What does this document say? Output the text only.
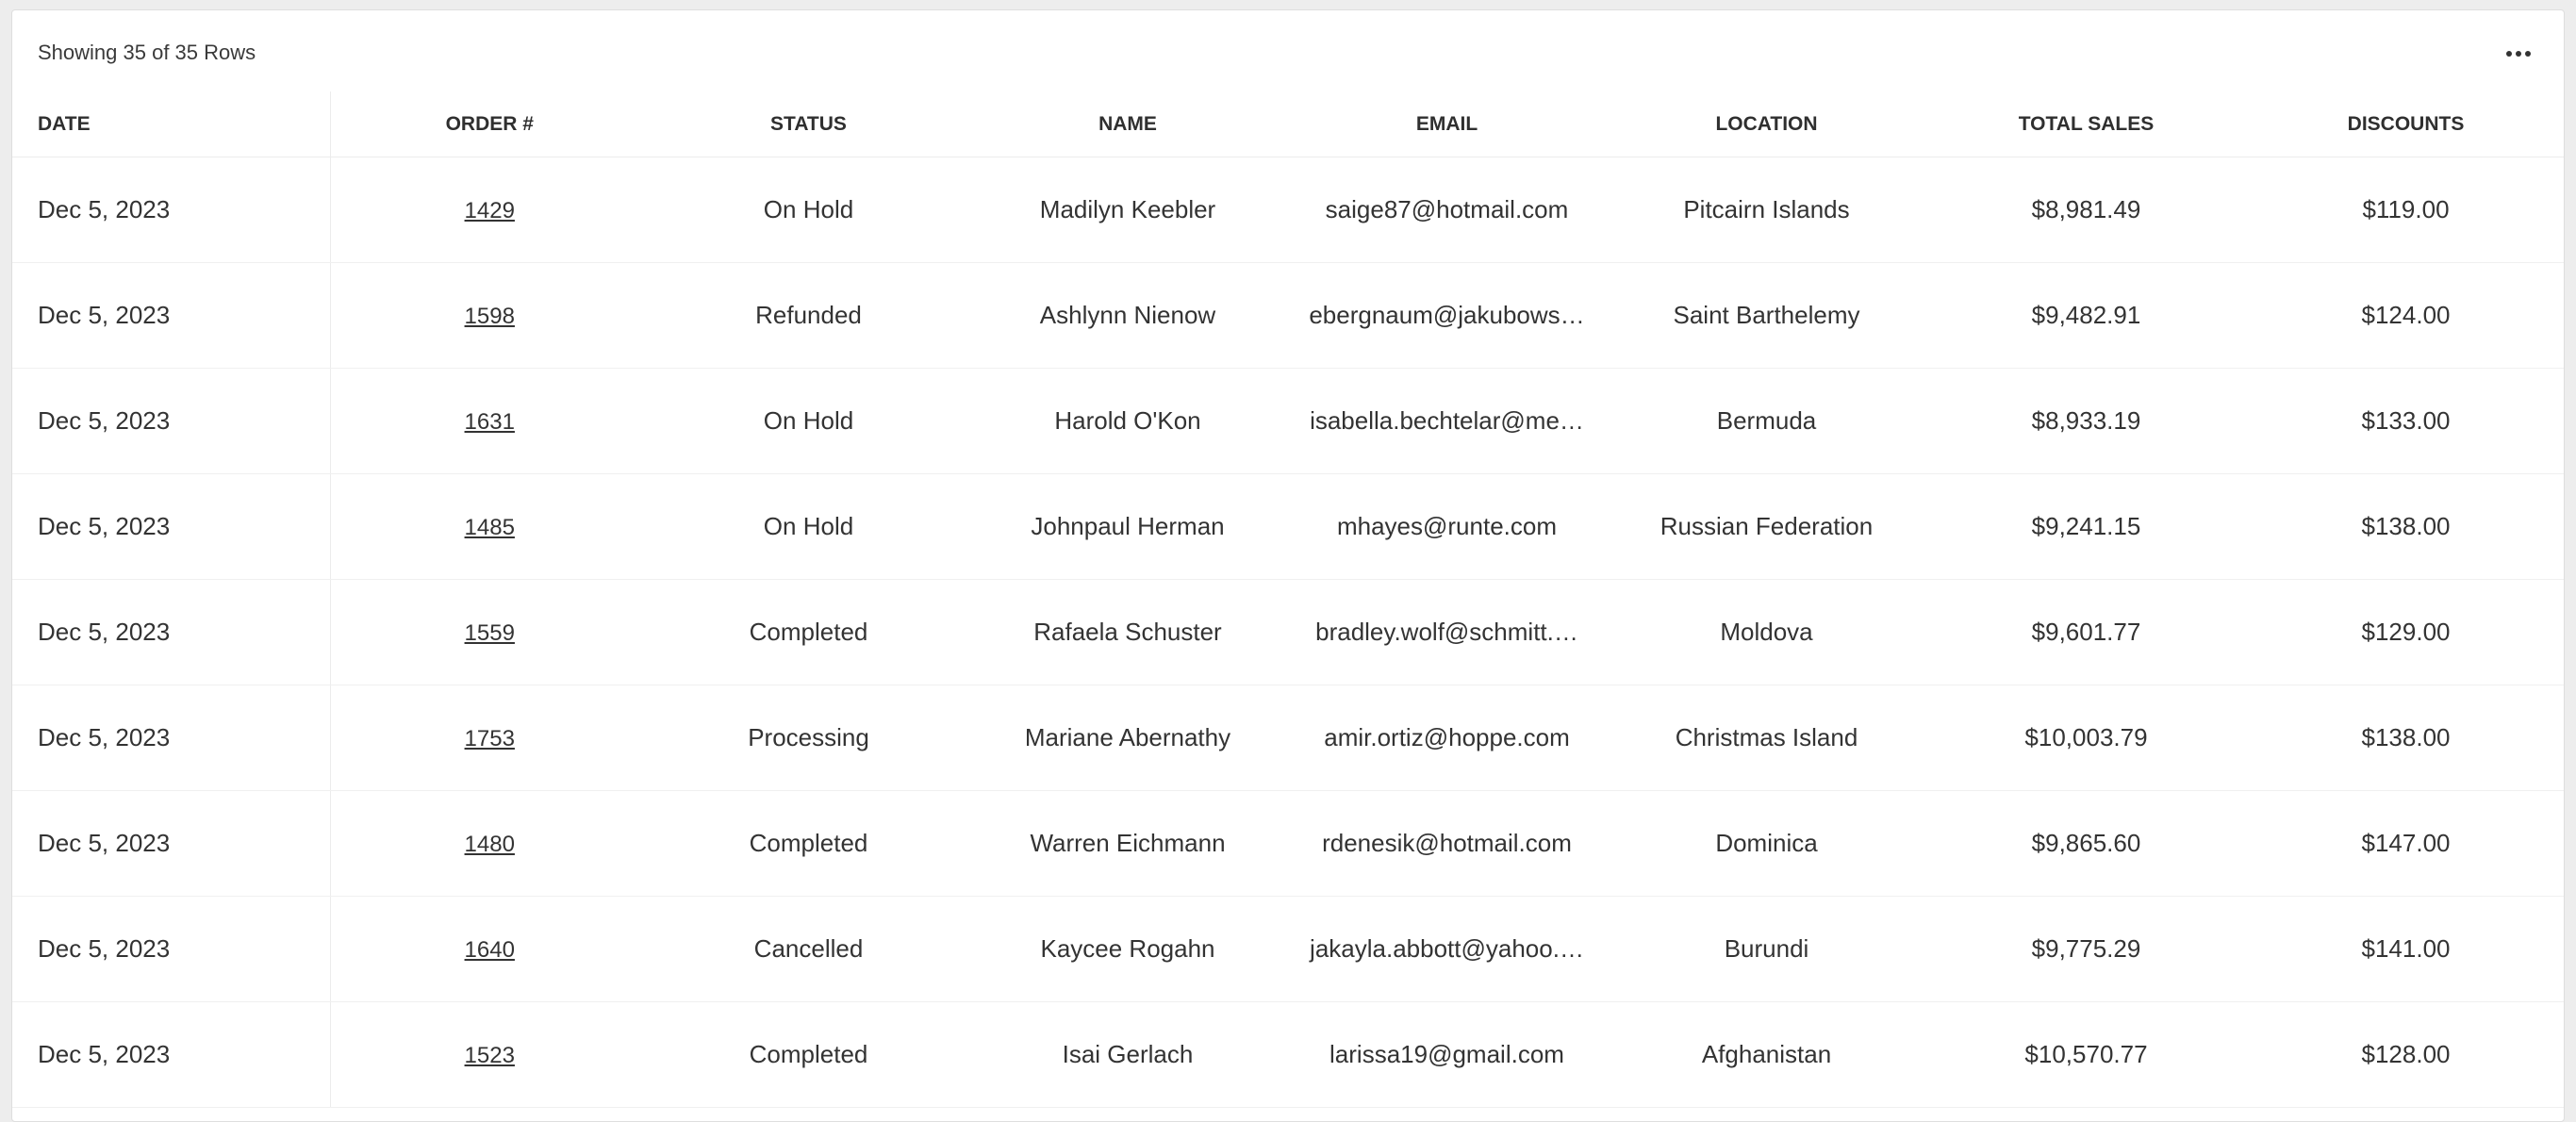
Showing 35 of 35 Rows
DATE	ORDER #	STATUS	NAME	EMAIL	LOCATION	TOTAL SALES	DISCOUNTS
Dec 5, 2023	1429	On Hold	Madilyn Keebler	saige87@hotmail.com	Pitcairn Islands	$8,981.49	$119.00
Dec 5, 2023	1598	Refunded	Ashlynn Nienow	ebergnaum@jakubows…	Saint Barthelemy	$9,482.91	$124.00
Dec 5, 2023	1631	On Hold	Harold O'Kon	isabella.bechtelar@me…	Bermuda	$8,933.19	$133.00
Dec 5, 2023	1485	On Hold	Johnpaul Herman	mhayes@runte.com	Russian Federation	$9,241.15	$138.00
Dec 5, 2023	1559	Completed	Rafaela Schuster	bradley.wolf@schmitt.…	Moldova	$9,601.77	$129.00
Dec 5, 2023	1753	Processing	Mariane Abernathy	amir.ortiz@hoppe.com	Christmas Island	$10,003.79	$138.00
Dec 5, 2023	1480	Completed	Warren Eichmann	rdenesik@hotmail.com	Dominica	$9,865.60	$147.00
Dec 5, 2023	1640	Cancelled	Kaycee Rogahn	jakayla.abbott@yahoo.…	Burundi	$9,775.29	$141.00
Dec 5, 2023	1523	Completed	Isai Gerlach	larissa19@gmail.com	Afghanistan	$10,570.77	$128.00
